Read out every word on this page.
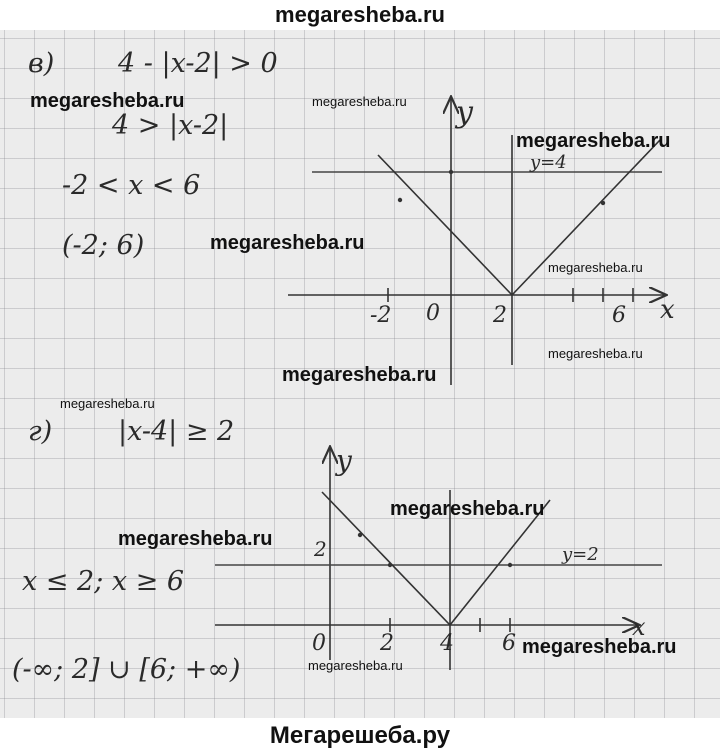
megaresheba.ru
в) 4 - |x-2| > 0
4 > |x-2|
-2 < x < 6
(-2; 6)
г) |x-4| ≥ 2
x ≤ 2; x ≥ 6
(-∞; 2] ∪ [6; +∞)
y
x
0
-2	2	6
y=4
y
x
0 2 4 6
2	y=2
megaresheba.ru	megaresheba.ru
megaresheba.ru
megaresheba.ru
megaresheba.ru
megaresheba.ru
megaresheba.ru
megaresheba.ru
megaresheba.ru
megaresheba.ru
megaresheba.ru
megaresheba.ru
Мегарешеба.ру
